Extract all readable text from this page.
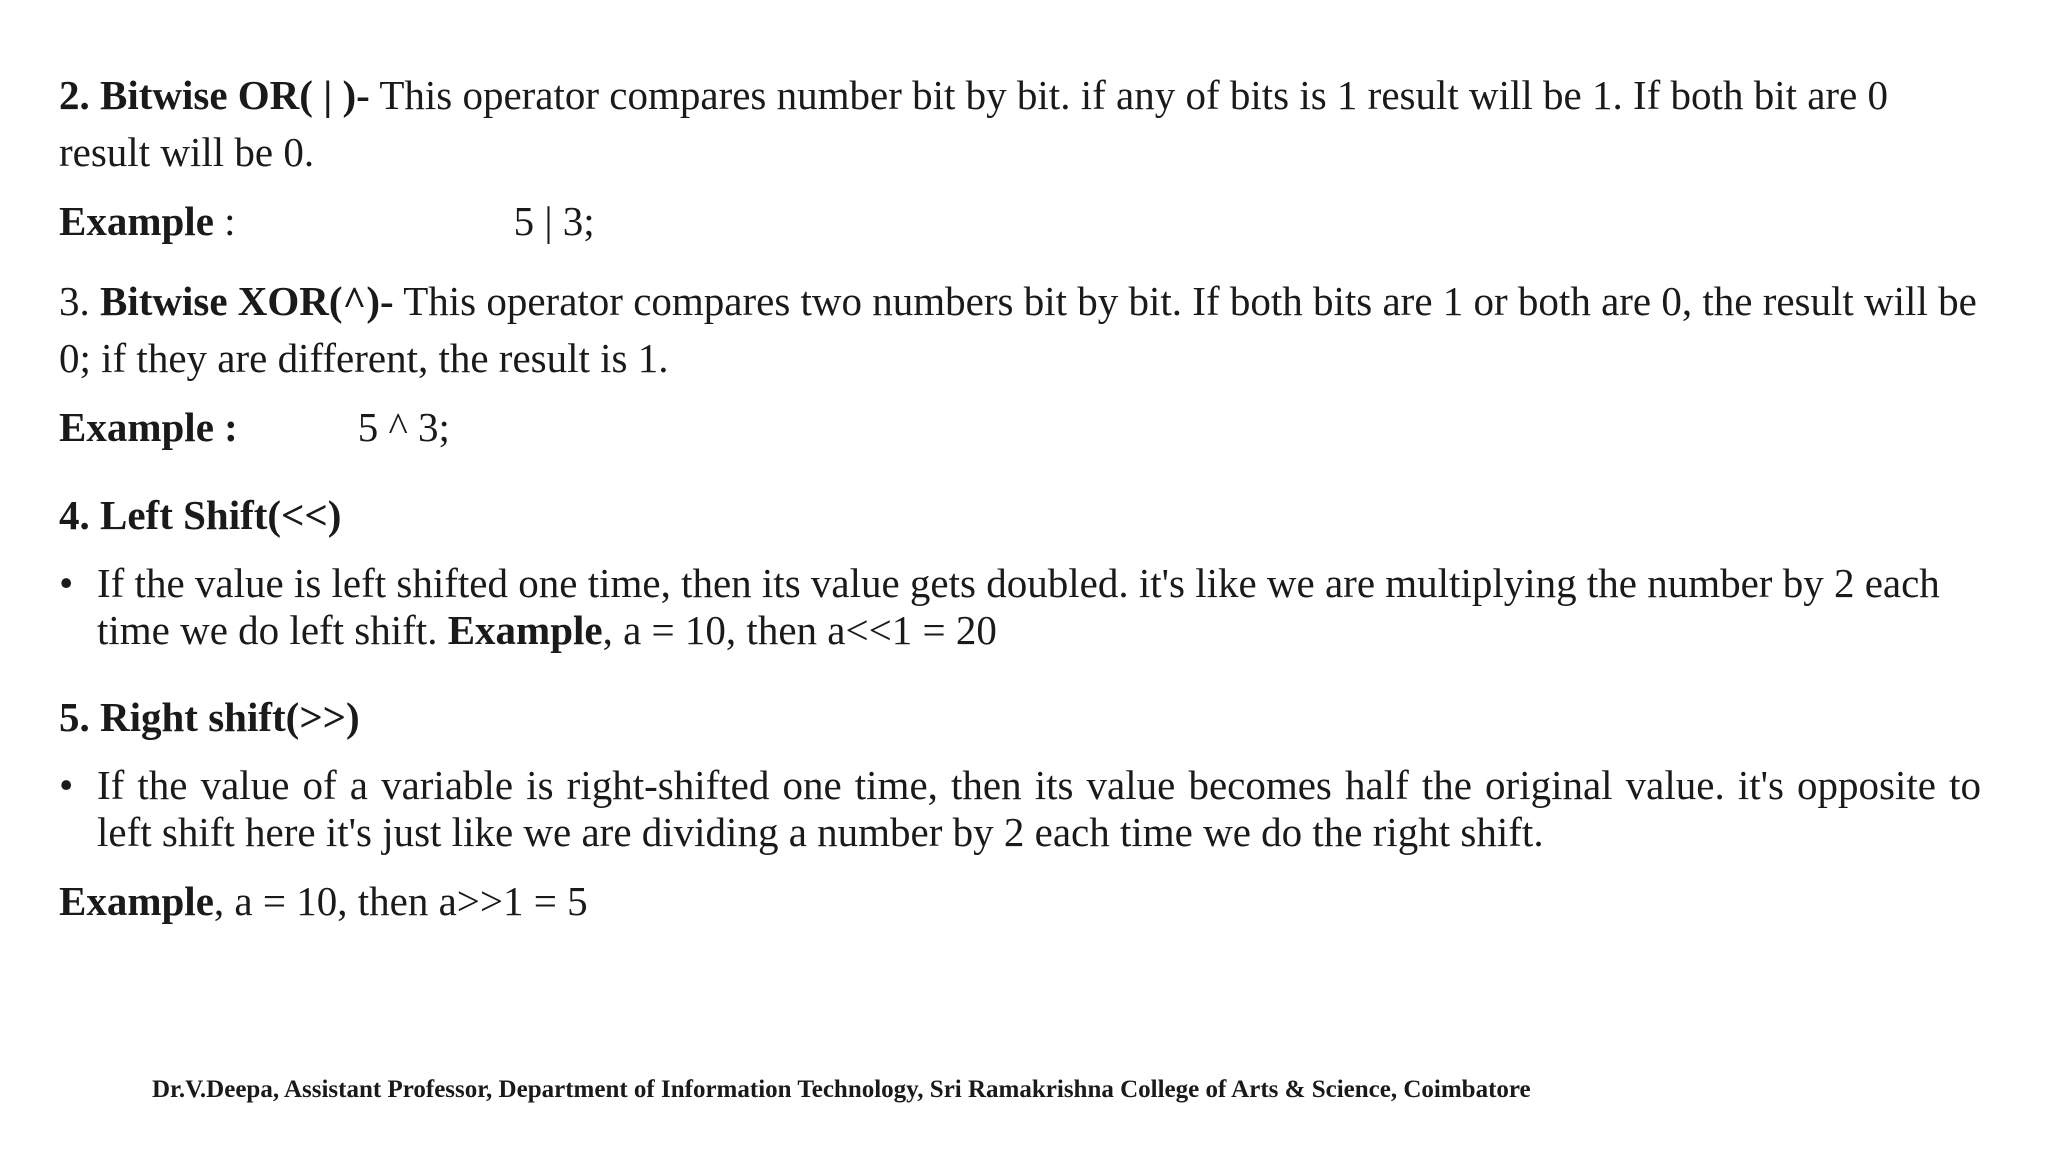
2. Bitwise OR( | )- This operator compares number bit by bit. if any of bits is 1 result will be 1. If both bit are 0 result will be 0.
Example :	5 | 3;
3. Bitwise XOR(^)- This operator compares two numbers bit by bit. If both bits are 1 or both are 0, the result will be 0; if they are different, the result is 1.
Example :	5 ^ 3;
4. Left Shift(<<)
• If the value is left shifted one time, then its value gets doubled. it's like we are multiplying the number by 2 each time we do left shift. Example, a = 10, then a<<1 = 20
5. Right shift(>>)
• If the value of a variable is right-shifted one time, then its value becomes half the original value. it's opposite to left shift here it's just like we are dividing a number by 2 each time we do the right shift.
Example, a = 10, then a>>1 = 5
Dr.V.Deepa, Assistant Professor, Department of Information Technology, Sri Ramakrishna College of Arts & Science, Coimbatore
